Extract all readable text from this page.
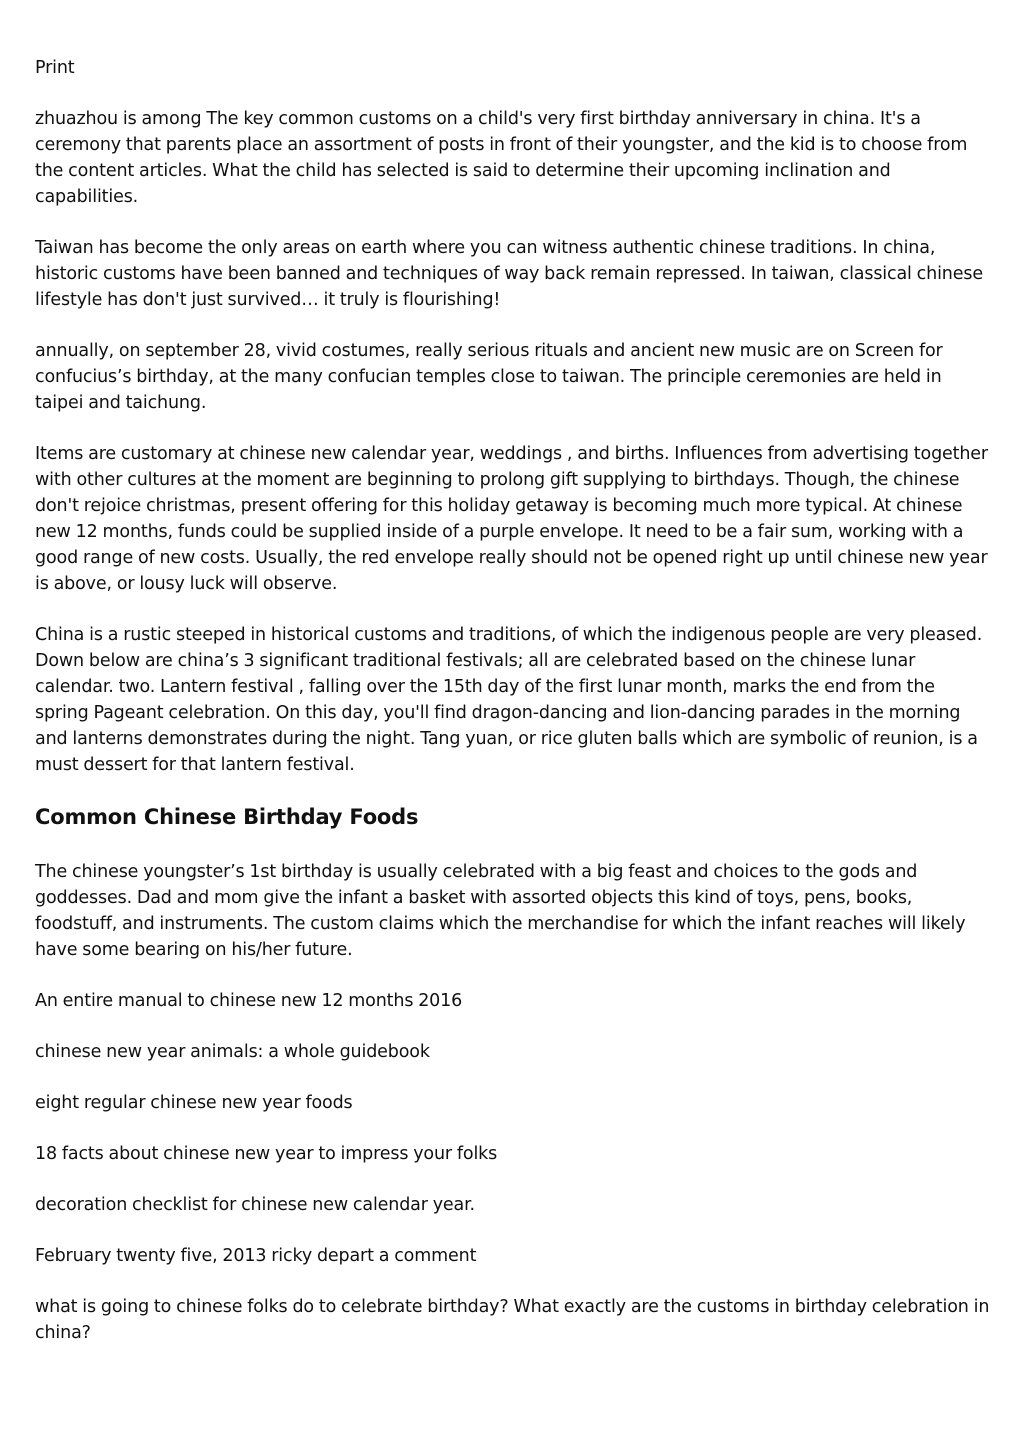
Print

zhuazhou is among The key common customs on a child's very first birthday anniversary in china. It's a ceremony that parents place an assortment of posts in front of their youngster, and the kid is to choose from the content articles. What the child has selected is said to determine their upcoming inclination and capabilities.

Taiwan has become the only areas on earth where you can witness authentic chinese traditions. In china, historic customs have been banned and techniques of way back remain repressed. In taiwan, classical chinese lifestyle has don't just survived… it truly is flourishing!

annually, on september 28, vivid costumes, really serious rituals and ancient new music are on Screen for confucius’s birthday, at the many confucian temples close to taiwan. The principle ceremonies are held in taipei and taichung.

Items are customary at chinese new calendar year, weddings , and births. Influences from advertising together with other cultures at the moment are beginning to prolong gift supplying to birthdays. Though, the chinese don't rejoice christmas, present offering for this holiday getaway is becoming much more typical. At chinese new 12 months, funds could be supplied inside of a purple envelope. It need to be a fair sum, working with a good range of new costs. Usually, the red envelope really should not be opened right up until chinese new year is above, or lousy luck will observe.

China is a rustic steeped in historical customs and traditions, of which the indigenous people are very pleased. Down below are china’s 3 significant traditional festivals; all are celebrated based on the chinese lunar calendar. two. Lantern festival , falling over the 15th day of the first lunar month, marks the end from the spring Pageant celebration. On this day, you'll find dragon-dancing and lion-dancing parades in the morning and lanterns demonstrates during the night. Tang yuan, or rice gluten balls which are symbolic of reunion, is a must dessert for that lantern festival.

Common Chinese Birthday Foods

The chinese youngster’s 1st birthday is usually celebrated with a big feast and choices to the gods and goddesses. Dad and mom give the infant a basket with assorted objects this kind of toys, pens, books, foodstuff, and instruments. The custom claims which the merchandise for which the infant reaches will likely have some bearing on his/her future.

An entire manual to chinese new 12 months 2016

chinese new year animals: a whole guidebook

eight regular chinese new year foods

18 facts about chinese new year to impress your folks

decoration checklist for chinese new calendar year.

February twenty five, 2013 ricky depart a comment

what is going to chinese folks do to celebrate birthday? What exactly are the customs in birthday celebration in china?
